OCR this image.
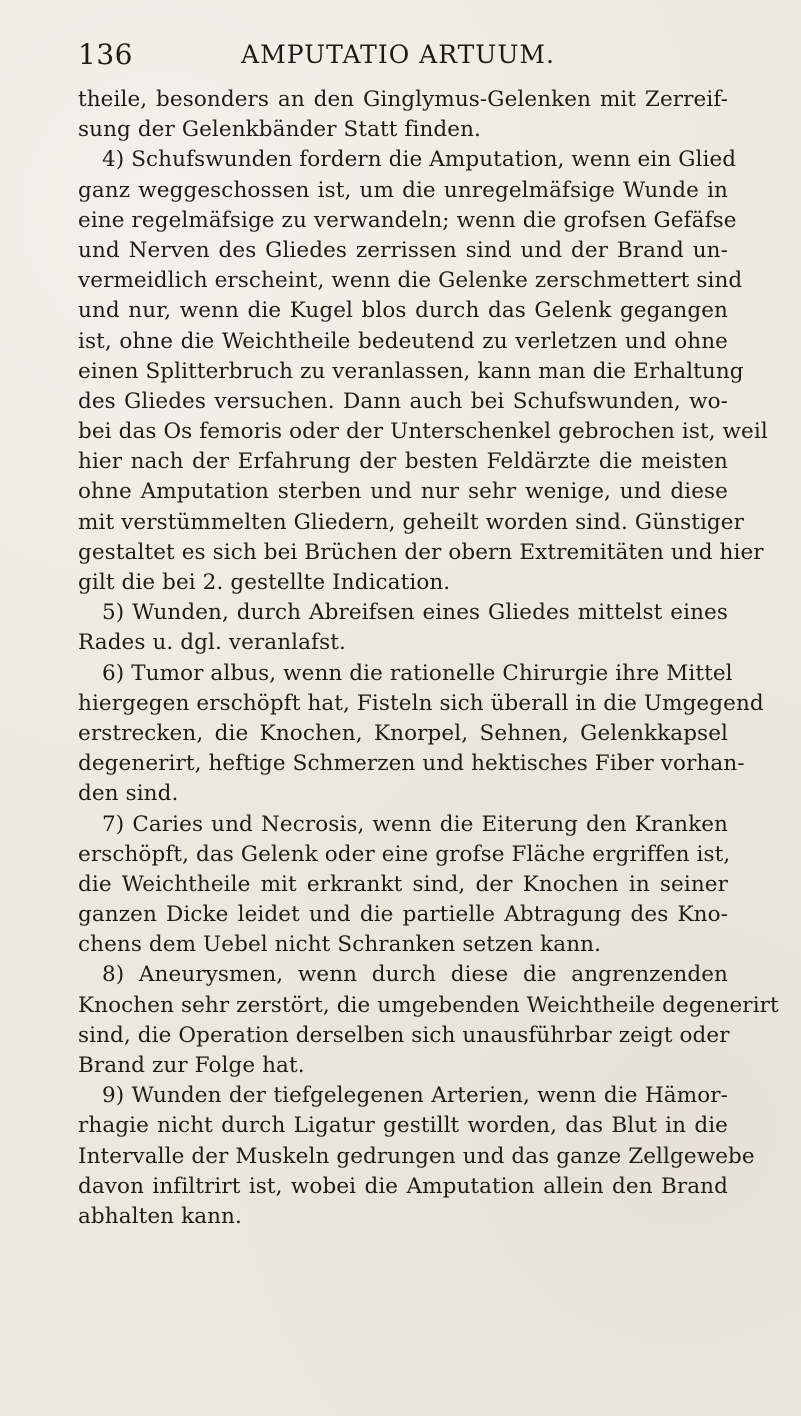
136	AMPUTATIO ARTUUM.
theile, besonders an den Ginglymus-Gelenken mit Zerreif-
sung der Gelenkbänder Statt finden.
4) Schufswunden fordern die Amputation, wenn ein Glied
ganz weggeschossen ist, um die unregelmäfsige Wunde in
eine regelmäfsige zu verwandeln; wenn die grofsen Gefäfse
und Nerven des Gliedes zerrissen sind und der Brand un-
vermeidlich erscheint, wenn die Gelenke zerschmettert sind
und nur, wenn die Kugel blos durch das Gelenk gegangen
ist, ohne die Weichtheile bedeutend zu verletzen und ohne
einen Splitterbruch zu veranlassen, kann man die Erhaltung
des Gliedes versuchen. Dann auch bei Schufswunden, wo-
bei das Os femoris oder der Unterschenkel gebrochen ist, weil
hier nach der Erfahrung der besten Feldärzte die meisten
ohne Amputation sterben und nur sehr wenige, und diese
mit verstümmelten Gliedern, geheilt worden sind. Günstiger
gestaltet es sich bei Brüchen der obern Extremitäten und hier
gilt die bei 2. gestellte Indication.
5) Wunden, durch Abreifsen eines Gliedes mittelst eines
Rades u. dgl. veranlafst.
6) Tumor albus, wenn die rationelle Chirurgie ihre Mittel
hiergegen erschöpft hat, Fisteln sich überall in die Umgegend
erstrecken, die Knochen, Knorpel, Sehnen, Gelenkkapsel
degenerirt, heftige Schmerzen und hektisches Fiber vorhan-
den sind.
7) Caries und Necrosis, wenn die Eiterung den Kranken
erschöpft, das Gelenk oder eine grofse Fläche ergriffen ist,
die Weichtheile mit erkrankt sind, der Knochen in seiner
ganzen Dicke leidet und die partielle Abtragung des Kno-
chens dem Uebel nicht Schranken setzen kann.
8) Aneurysmen, wenn durch diese die angrenzenden
Knochen sehr zerstört, die umgebenden Weichtheile degenerirt
sind, die Operation derselben sich unausführbar zeigt oder
Brand zur Folge hat.
9) Wunden der tiefgelegenen Arterien, wenn die Hämor-
rhagie nicht durch Ligatur gestillt worden, das Blut in die
Intervalle der Muskeln gedrungen und das ganze Zellgewebe
davon infiltrirt ist, wobei die Amputation allein den Brand
abhalten kann.
